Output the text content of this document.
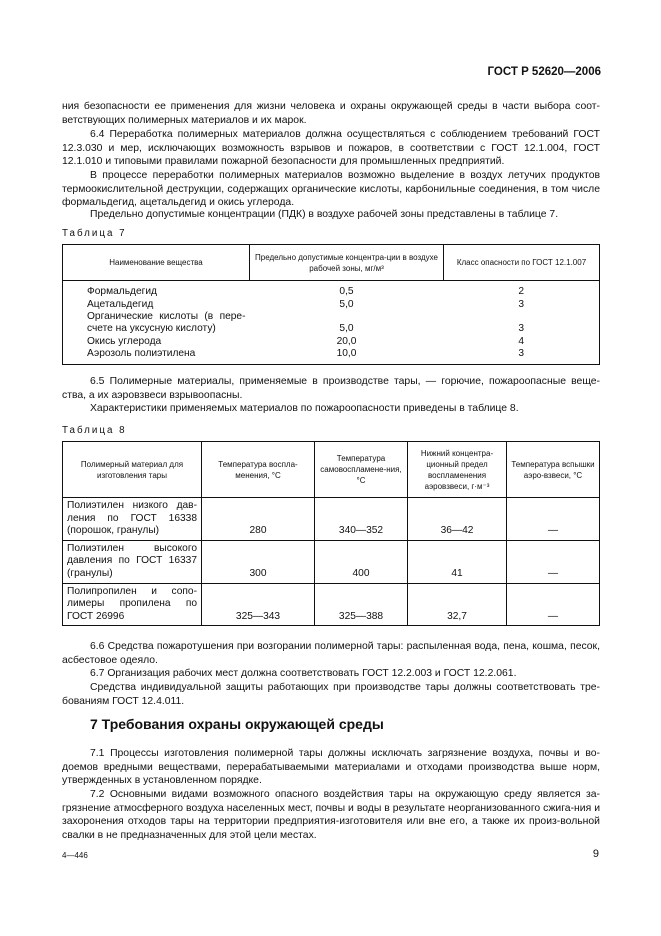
ГОСТ Р 52620—2006

ния безопасности ее применения для жизни человека и охраны окружающей среды в части выбора соот-ветствующих полимерных материалов и их марок.

6.4 Переработка полимерных материалов должна осуществляться с соблюдением требований ГОСТ 12.3.030 и мер, исключающих возможность взрывов и пожаров, в соответствии с ГОСТ 12.1.004, ГОСТ 12.1.010 и типовыми правилами пожарной безопасности для промышленных предприятий.

В процессе переработки полимерных материалов возможно выделение в воздух летучих продуктов термоокислительной деструкции, содержащих органические кислоты, карбонильные соединения, в том числе формальдегид, ацетальдегид и окись углерода.

Предельно допустимые концентрации (ПДК) в воздухе рабочей зоны представлены в таблице 7.

Таблица 7
Наименование вещества	Предельно допустимые концентра-ции в воздухе рабочей зоны, мг/м³	Класс опасности по ГОСТ 12.1.007
Формальдегид	0,5	2
Ацетальдегид	5,0	3

Органические кислоты (в пере-		

счете на уксусную кислоту)	5,0	3
Окись углерода	20,0	4
Аэрозоль полиэтилена	10,0	3

6.5 Полимерные материалы, применяемые в производстве тары, — горючие, пожароопасные веще-ства, а их аэровзвеси взрывоопасны.

Характеристики применяемых материалов по пожароопасности приведены в таблице 8.

Таблица 8
Полимерный материал для изготовления тары	Температура воспла-менения, °С	Температура самовоспламене-ния, °С	Нижний концентра-ционный предел воспламенения аэровзвеси, г·м⁻³	Температура вспышки аэро-взвеси, °С

Полиэтилен низкого дав-
ления по ГОСТ 16338
(порошок, гранулы)	280	340—352	36—42	—

Полиэтилен высокого
давления по ГОСТ 16337
(гранулы)	300	400	41	—

Полипропилен и сопо-
лимеры пропилена по
ГОСТ 26996	325—343	325—388	32,7	—

6.6 Средства пожаротушения при возгорании полимерной тары: распыленная вода, пена, кошма, песок, асбестовое одеяло.

6.7 Организация рабочих мест должна соответствовать ГОСТ 12.2.003 и ГОСТ 12.2.061.

Средства индивидуальной защиты работающих при производстве тары должны соответствовать тре-бованиям ГОСТ 12.4.011.

7 Требования охраны окружающей среды

7.1 Процессы изготовления полимерной тары должны исключать загрязнение воздуха, почвы и во-доемов вредными веществами, перерабатываемыми материалами и отходами производства выше норм, утвержденных в установленном порядке.

7.2 Основными видами возможного опасного воздействия тары на окружающую среду является за-грязнение атмосферного воздуха населенных мест, почвы и воды в результате неорганизованного сжига-ния и захоронения отходов тары на территории предприятия-изготовителя или вне его, а также их произ-вольной свалки в не предназначенных для этой цели местах.

4—446	9
